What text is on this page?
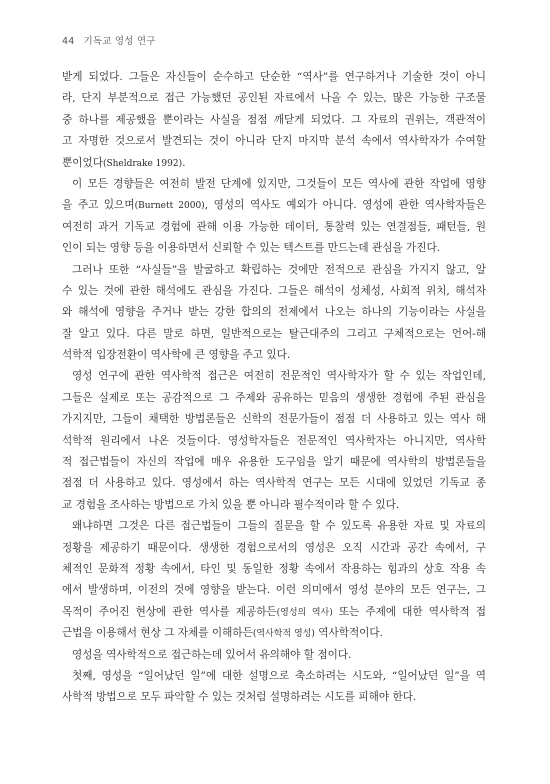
44 기독교 영성 연구
받게 되었다. 그들은 자신들이 순수하고 단순한 “역사”를 연구하거나 기술한 것이 아니
라, 단지 부분적으로 접근 가능했던 공인된 자료에서 나올 수 있는, 많은 가능한 구조물
중 하나를 제공했을 뿐이라는 사실을 점점 깨닫게 되었다. 그 자료의 권위는, 객관적이
고 자명한 것으로서 발견되는 것이 아니라 단지 마지막 분석 속에서 역사학자가 수여할
뿐이었다(Sheldrake 1992).
이 모든 경향들은 여전히 발전 단계에 있지만, 그것들이 모든 역사에 관한 작업에 영향
을 주고 있으며(Burnett 2000), 영성의 역사도 예외가 아니다. 영성에 관한 역사학자들은
여전히 과거 기독교 경험에 관해 이용 가능한 데이터, 통찰력 있는 연결점들, 패턴들, 원
인이 되는 영향 등을 이용하면서 신뢰할 수 있는 텍스트를 만드는데 관심을 가진다.
그러나 또한 “사실들”을 발굴하고 확립하는 것에만 전적으로 관심을 가지지 않고, 알
수 있는 것에 관한 해석에도 관심을 가진다. 그들은 해석이 성체성, 사회적 위치, 해석자
와 해석에 영향을 주거나 받는 강한 합의의 전제에서 나오는 하나의 기능이라는 사실을
잘 알고 있다. 다른 말로 하면, 일반적으로는 탈근대주의 그리고 구체적으로는 언어-해
석학적 입장전환이 역사학에 큰 영향을 주고 있다.
영성 연구에 관한 역사학적 접근은 여전히 전문적인 역사학자가 할 수 있는 작업인데,
그들은 실제로 또는 공감적으로 그 주제와 공유하는 믿음의 생생한 경험에 주된 관심을
가지지만, 그들이 채택한 방법론들은 신학의 전문가들이 점점 더 사용하고 있는 역사 해
석학적 원리에서 나온 것들이다. 영성학자들은 전문적인 역사학자는 아니지만, 역사학
적 접근법들이 자신의 작업에 매우 유용한 도구임을 알기 때문에 역사학의 방법론들을
점점 더 사용하고 있다. 영성에서 하는 역사학적 연구는 모든 시대에 있었던 기독교 종
교 경험을 조사하는 방법으로 가치 있을 뿐 아니라 필수적이라 할 수 있다.
왜냐하면 그것은 다른 접근법들이 그들의 질문을 할 수 있도록 유용한 자료 및 자료의
정황을 제공하기 때문이다. 생생한 경험으로서의 영성은 오직 시간과 공간 속에서, 구
체적인 문화적 정황 속에서, 타인 및 동일한 정황 속에서 작용하는 힘과의 상호 작용 속
에서 발생하며, 이전의 것에 영향을 받는다. 이런 의미에서 영성 분야의 모든 연구는, 그
목적이 주어진 현상에 관한 역사를 제공하든(영성의 역사) 또는 주제에 대한 역사학적 접
근법을 이용해서 현상 그 자체를 이해하든(역사학적 영성) 역사학적이다.
영성을 역사학적으로 접근하는데 있어서 유의해야 할 점이다.
첫째, 영성을 “일어났던 일”에 대한 설명으로 축소하려는 시도와, “일어났던 일”을 역
사학적 방법으로 모두 파악할 수 있는 것처럼 설명하려는 시도를 피해야 한다.
